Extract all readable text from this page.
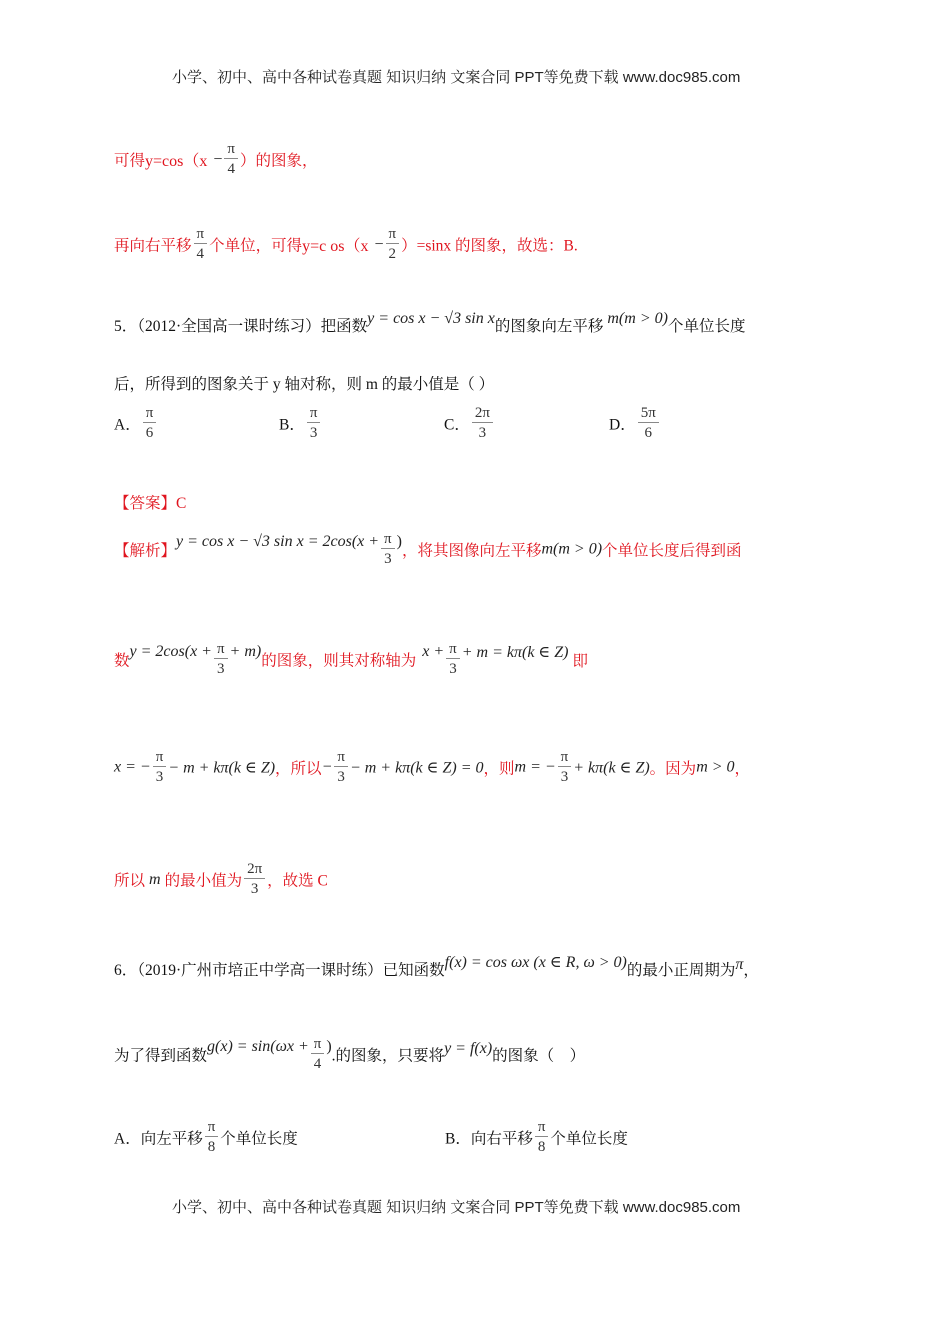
小学、初中、高中各种试卷真题 知识归纳 文案合同 PPT等免费下载 www.doc985.com
可得$y=\cos(x - \frac{\pi}{4}$ ）的图象，
再向右平移 $\frac{\pi}{4}$ 个单位，可得y=c $os(x - \frac{\pi}{2} )=\sin x$ 的图象，故选：B.
5．（2012·全国高一课时练习）把函数y = cos x − √3 sin x的图象向左平移 m(m > 0)个单位长度
后，所得到的图象关于 y 轴对称，则 m 的最小值是（ ）
A． $\frac{\pi}{6}$	B． $\frac{\pi}{3}$	C． $\frac{2\pi}{3}$	D． $\frac{5\pi}{6}$
【答案】C
【解析】y = cos x − √3 $\sin x = 2\cos(x + \frac{\pi}{3}$ )，将其图像向左平移m(m > 0)个单位长度后得到函
数$y = 2\cos(x + \frac{\pi}{3} + m)$的图象，则其对称轴为$x + \frac{\pi}{3} + m = k\pi(k$ ∈ Z)即
x = − $\frac{\pi}{3} - m + k\pi(k$ ∈ Z)，所以− $\frac{\pi}{3} - m + k\pi(k$ ∈ Z) = 0，则m = − $\frac{\pi}{3} + k\pi(k$ ∈ Z)。因为m > 0，
所以 m 的最小值为 $\frac{2\pi}{3}$ ，故选 C
6．（2019·广州市培正中学高一课时练）已知函数f(x) = cos ωx (x ∈ R, ω > 0)的最小正周期为π，
为了得到函数$g(x) = \sin(\omega x + \frac{\pi}{4}$ ).的图象，只要将y = f(x)的图象（　）
A．向左平移 $\frac{\pi}{8}$ 个单位长度	B．向右平移 $\frac{\pi}{8}$ 个单位长度
小学、初中、高中各种试卷真题 知识归纳 文案合同 PPT等免费下载 www.doc985.com
